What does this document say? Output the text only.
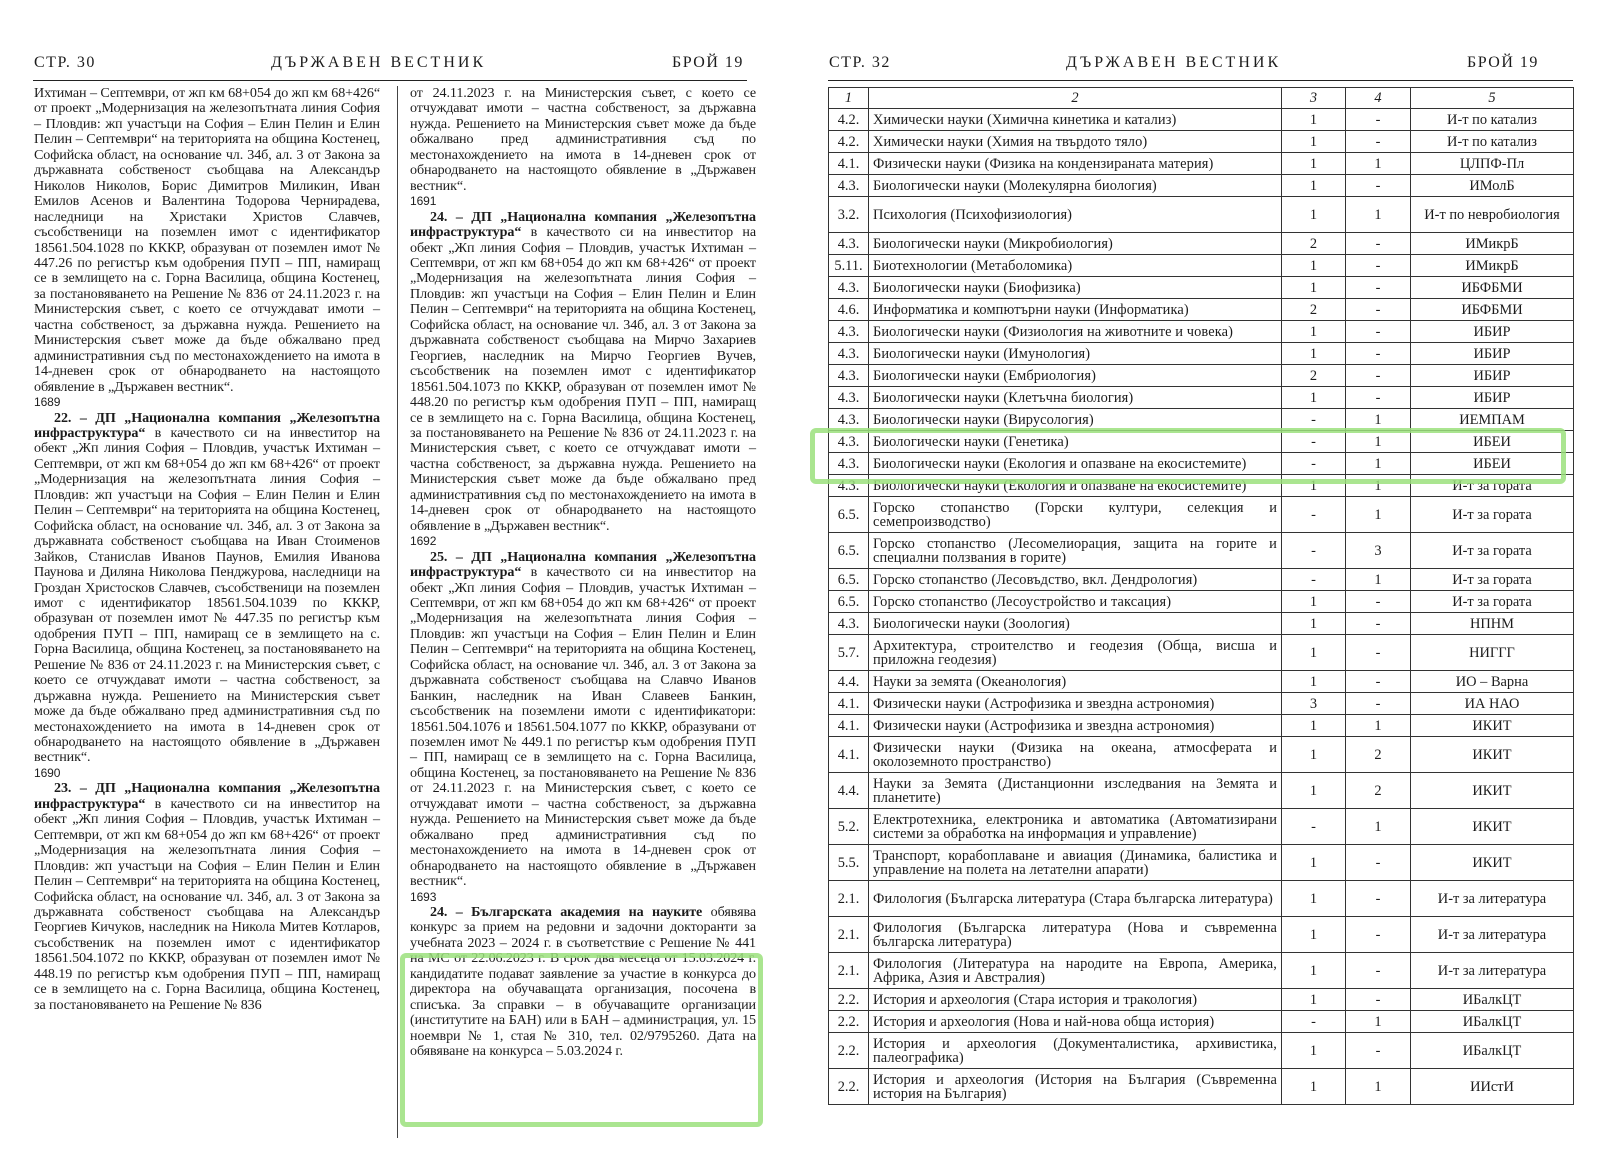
СТР. 30	ДЪРЖАВЕН ВЕСТНИК	БРОЙ 19

Ихтиман – Септември, от жп км 68+054 до жп км 68+426“ от проект „Модернизация на железопътната линия София – Пловдив: жп участъци на София – Елин Пелин и Елин Пелин – Септември“ на територията на община Костенец, Софийска област, на основание чл. 34б, ал. 3 от Закона за държавната собственост съобщава на Александър Николов Николов, Борис Димитров Миликин, Иван Емилов Асенов и Валентина Тодорова Чернирадева, наследници на Христаки Христов Славчев, съсобственици на поземлен имот с идентификатор 18561.504.1028 по КККР, образуван от поземлен имот № 447.26 по регистър към одобрения ПУП – ПП, намиращ се в землището на с. Горна Василица, община Костенец, за постановяването на Решение № 836 от 24.11.2023 г. на Министерския съвет, с което се отчуждават имоти – частна собственост, за държавна нужда. Решението на Министерския съвет може да бъде обжалвано пред административния съд по местонахождението на имота в 14-дневен срок от обнародването на настоящото обявление в „Държавен вестник“.

1689

22. – ДП „Национална компания „Железопътна инфраструктура“ в качеството си на инвеститор на обект „Жп линия София – Пловдив, участък Ихтиман – Септември, от жп км 68+054 до жп км 68+426“ от проект „Модернизация на железопътната линия София – Пловдив: жп участъци на София – Елин Пелин и Елин Пелин – Септември“ на територията на община Костенец, Софийска област, на основание чл. 34б, ал. 3 от Закона за държавната собственост съобщава на Иван Стоименов Зайков, Станислав Иванов Паунов, Емилия Иванова Паунова и Диляна Николова Пенджурова, наследници на Гроздан Христосков Славчев, съсобственици на поземлен имот с идентификатор 18561.504.1039 по КККР, образуван от поземлен имот № 447.35 по регистър към одобрения ПУП – ПП, намиращ се в землището на с. Горна Василица, община Костенец, за постановяването на Решение № 836 от 24.11.2023 г. на Министерския съвет, с което се отчуждават имоти – частна собственост, за държавна нужда. Решението на Министерския съвет може да бъде обжалвано пред административния съд по местонахождението на имота в 14-дневен срок от обнародването на настоящото обявление в „Държавен вестник“.

1690

23. – ДП „Национална компания „Железопътна инфраструктура“ в качеството си на инвеститор на обект „Жп линия София – Пловдив, участък Ихтиман – Септември, от жп км 68+054 до жп км 68+426“ от проект „Модернизация на железопътната линия София – Пловдив: жп участъци на София – Елин Пелин и Елин Пелин – Септември“ на територията на община Костенец, Софийска област, на основание чл. 34б, ал. 3 от Закона за държавната собственост съобщава на Александър Георгиев Кичуков, наследник на Никола Митев Котларов, съсобственик на поземлен имот с идентификатор 18561.504.1072 по КККР, образуван от поземлен имот № 448.19 по регистър към одобрения ПУП – ПП, намиращ се в землището на с. Горна Василица, община Костенец, за постановяването на Решение № 836

от 24.11.2023 г. на Министерския съвет, с което се отчуждават имоти – частна собственост, за държавна нужда. Решението на Министерския съвет може да бъде обжалвано пред административния съд по местонахождението на имота в 14-дневен срок от обнародването на настоящото обявление в „Държавен вестник“.

1691

24. – ДП „Национална компания „Железопътна инфраструктура“ в качеството си на инвеститор на обект „Жп линия София – Пловдив, участък Ихтиман – Септември, от жп км 68+054 до жп км 68+426“ от проект „Модернизация на железопътната линия София – Пловдив: жп участъци на София – Елин Пелин и Елин Пелин – Септември“ на територията на община Костенец, Софийска област, на основание чл. 34б, ал. 3 от Закона за държавната собственост съобщава на Мирчо Захариев Георгиев, наследник на Мирчо Георгиев Вучев, съсобственик на поземлен имот с идентификатор 18561.504.1073 по КККР, образуван от поземлен имот № 448.20 по регистър към одобрения ПУП – ПП, намиращ се в землището на с. Горна Василица, община Костенец, за постановяването на Решение № 836 от 24.11.2023 г. на Министерския съвет, с което се отчуждават имоти – частна собственост, за държавна нужда. Решението на Министерския съвет може да бъде обжалвано пред административния съд по местонахождението на имота в 14-дневен срок от обнародването на настоящото обявление в „Държавен вестник“.

1692

25. – ДП „Национална компания „Железопътна инфраструктура“ в качеството си на инвеститор на обект „Жп линия София – Пловдив, участък Ихтиман – Септември, от жп км 68+054 до жп км 68+426“ от проект „Модернизация на железопътната линия София – Пловдив: жп участъци на София – Елин Пелин и Елин Пелин – Септември“ на територията на община Костенец, Софийска област, на основание чл. 34б, ал. 3 от Закона за държавната собственост съобщава на Славчо Иванов Банкин, наследник на Иван Славеев Банкин, съсобственик на поземлени имоти с идентификатори: 18561.504.1076 и 18561.504.1077 по КККР, образувани от поземлен имот № 449.1 по регистър към одобрения ПУП – ПП, намиращ се в землището на с. Горна Василица, община Костенец, за постановяването на Решение № 836 от 24.11.2023 г. на Министерския съвет, с което се отчуждават имоти – частна собственост, за държавна нужда. Решението на Министерския съвет може да бъде обжалвано пред административния съд по местонахождението на имота в 14-дневен срок от обнародването на настоящото обявление в „Държавен вестник“.

1693

24. – Българската академия на науките обявява конкурс за прием на редовни и задочни докторанти за учебната 2023 – 2024 г. в съответствие с Решение № 441 на МС от 22.06.2023 г. В срок два месеца от 15.03.2024 г. кандидатите подават заявление за участие в конкурса до директора на обучаващата организация, посочена в списъка. За справки – в обучаващите организации (институтите на БАН) или в БАН – администрация, ул. 15 ноември № 1, стая № 310, тел. 02/9795260. Дата на обявяване на конкурса – 5.03.2024 г.

СТР. 32	ДЪРЖАВЕН ВЕСТНИК	БРОЙ 19
1	2	3	4	5
4.2.	Химически науки (Химична кинетика и катализ)	1	-	И-т по катализ
4.2.	Химически науки (Химия на твърдото тяло)	1	-	И-т по катализ
4.1.	Физически науки (Физика на кондензираната материя)	1	1	ЦЛПФ-Пл
4.3.	Биологически науки (Молекулярна биология)	1	-	ИМолБ
3.2.	Психология (Психофизиология)	1	1	И-т по невробиология
4.3.	Биологически науки (Микробиология)	2	-	ИМикрБ
5.11.	Биотехнологии (Метаболомика)	1	-	ИМикрБ
4.3.	Биологически науки (Биофизика)	1	-	ИБФБМИ
4.6.	Информатика и компютърни науки (Информатика)	2	-	ИБФБМИ
4.3.	Биологически науки (Физиология на животните и човека)	1	-	ИБИР
4.3.	Биологически науки (Имунология)	1	-	ИБИР
4.3.	Биологически науки (Ембриология)	2	-	ИБИР
4.3.	Биологически науки (Клетъчна биология)	1	-	ИБИР
4.3.	Биологически науки (Вирусология)	-	1	ИЕМПАМ
4.3.	Биологически науки (Генетика)	-	1	ИБЕИ
4.3.	Биологически науки (Екология и опазване на екосистемите)	-	1	ИБЕИ
4.3.	Биологически науки (Екология и опазване на екосистемите)	1	1	И-т за гората
6.5.	Горско стопанство (Горски култури, селекция и семепроизводство)	-	1	И-т за гората
6.5.	Горско стопанство (Лесомелиорация, защита на горите и специални ползвания в горите)	-	3	И-т за гората
6.5.	Горско стопанство (Лесовъдство, вкл. Дендрология)	-	1	И-т за гората
6.5.	Горско стопанство (Лесоустройство и таксация)	1	-	И-т за гората
4.3.	Биологически науки (Зоология)	1	-	НПНМ
5.7.	Архитектура, строителство и геодезия (Обща, висша и приложна геодезия)	1	-	НИГГГ
4.4.	Науки за земята (Океанология)	1	-	ИО – Варна
4.1.	Физически науки (Астрофизика и звездна астрономия)	3	-	ИА НАО
4.1.	Физически науки (Астрофизика и звездна астрономия)	1	1	ИКИТ
4.1.	Физически науки (Физика на океана, атмосферата и околоземното пространство)	1	2	ИКИТ
4.4.	Науки за Земята (Дистанционни изследвания на Земята и планетите)	1	2	ИКИТ
5.2.	Електротехника, електроника и автоматика (Автоматизирани системи за обработка на информация и управление)	-	1	ИКИТ
5.5.	Транспорт, корабоплаване и авиация (Динамика, балистика и управление на полета на летателни апарати)	1	-	ИКИТ
2.1.	Филология (Българска литература (Стара българска литература)	1	-	И-т за литература
2.1.	Филология (Българска литература (Нова и съвременна българска литература)	1	-	И-т за литература
2.1.	Филология (Литература на народите на Европа, Америка, Африка, Азия и Австралия)	1	-	И-т за литература
2.2.	История и археология (Стара история и тракология)	1	-	ИБалкЦТ
2.2.	История и археология (Нова и най-нова обща история)	-	1	ИБалкЦТ
2.2.	История и археология (Документалистика, архивистика, палеографика)	1	-	ИБалкЦТ
2.2.	История и археология (История на България (Съвременна история на България)	1	1	ИИстИ
